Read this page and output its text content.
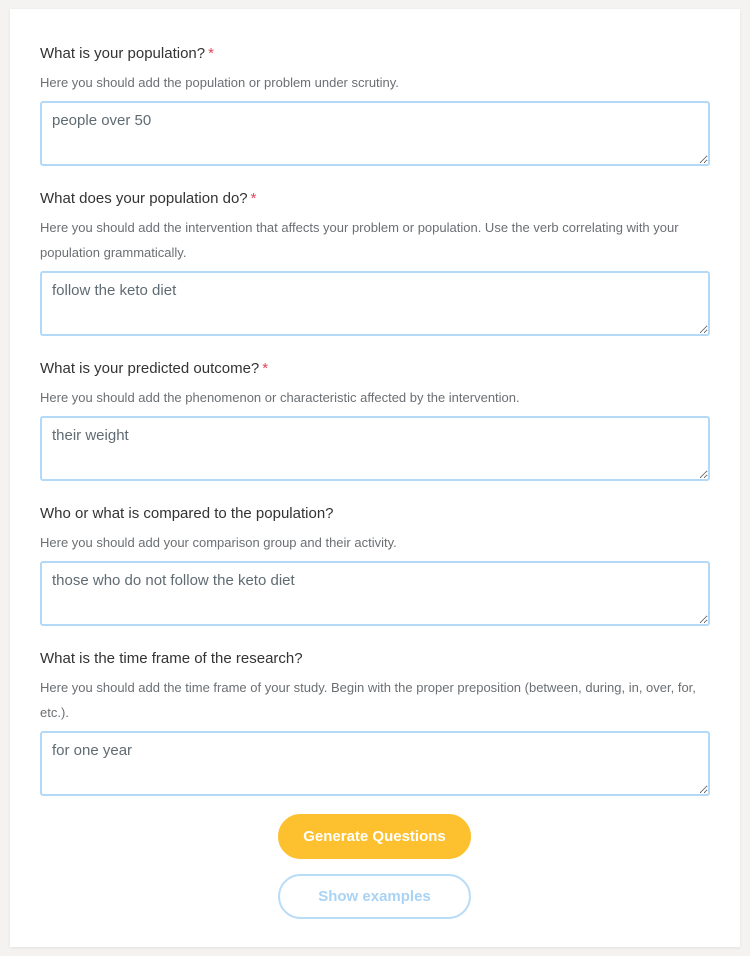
What is your population? *

Here you should add the population or problem under scrutiny.
people over 50

What does your population do? *

Here you should add the intervention that affects your problem or population. Use the verb correlating with your population grammatically.
follow the keto diet

What is your predicted outcome? *

Here you should add the phenomenon or characteristic affected by the intervention.
their weight

Who or what is compared to the population?

Here you should add your comparison group and their activity.
those who do not follow the keto diet

What is the time frame of the research?

Here you should add the time frame of your study. Begin with the proper preposition (between, during, in, over, for, etc.).
for one year
Generate Questions
Show examples
